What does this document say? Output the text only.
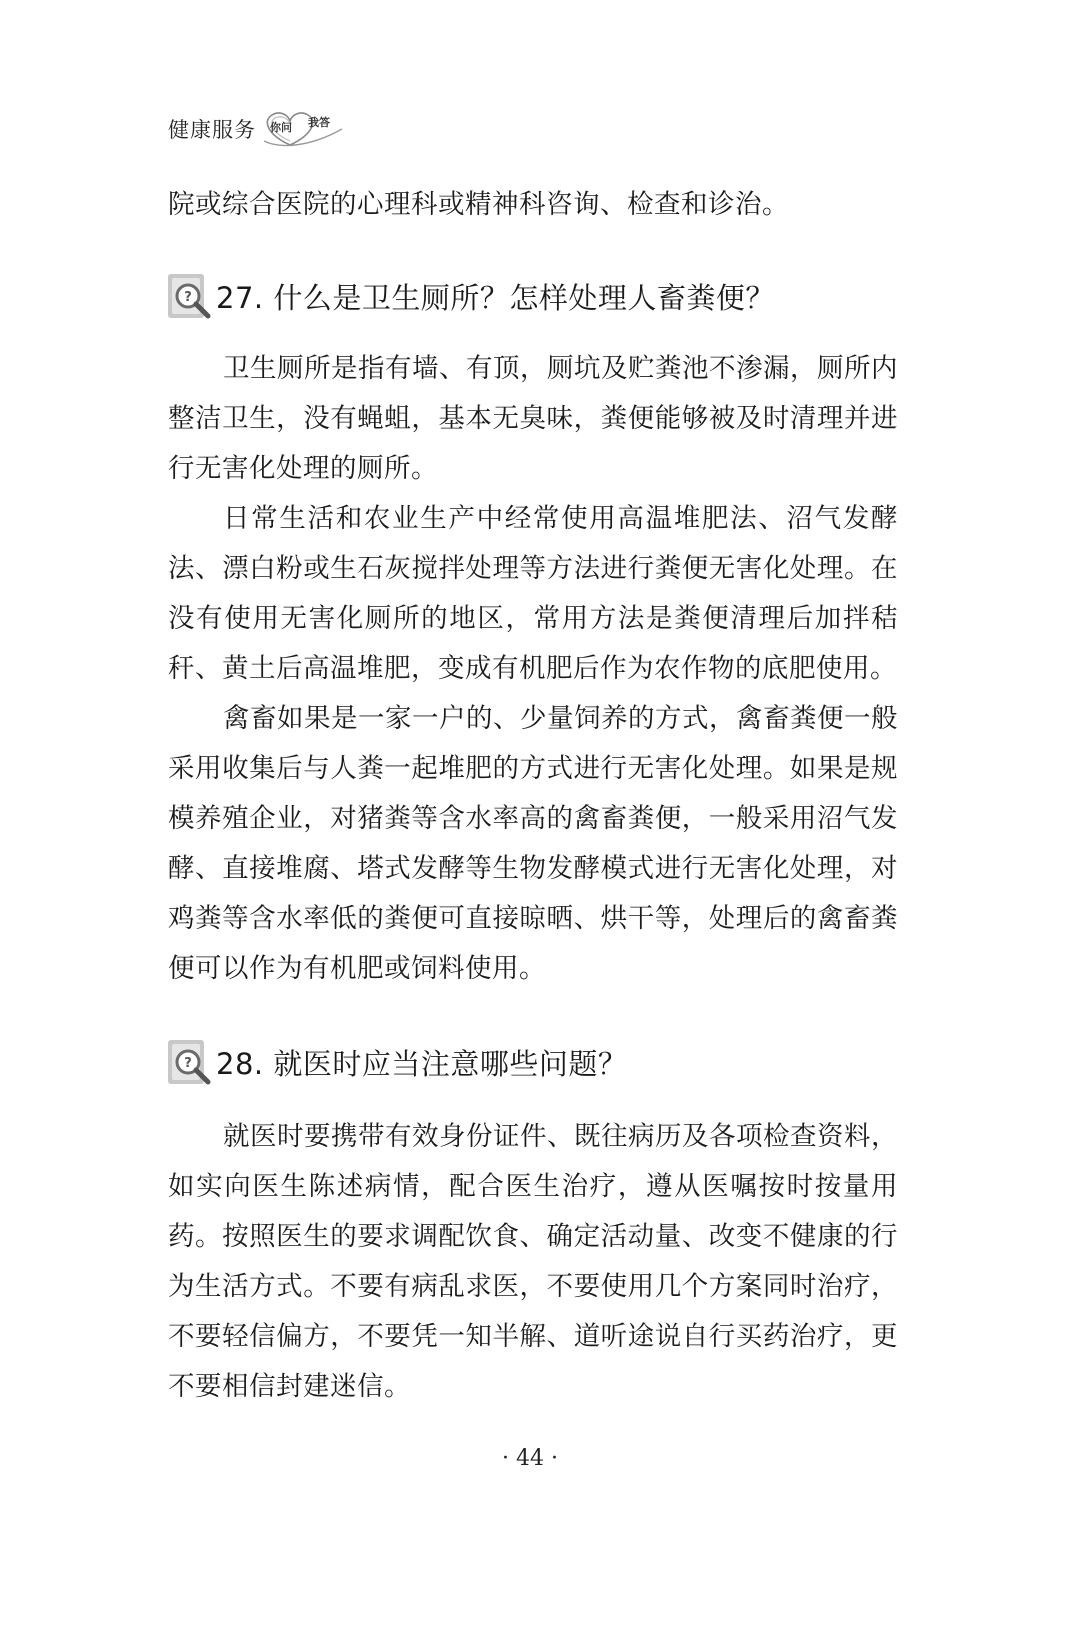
健康服务 你问 我答

院或综合医院的心理科或精神科咨询、检查和诊治。

? 27. 什么是卫生厕所？怎样处理人畜粪便？

卫生厕所是指有墙、有顶，厕坑及贮粪池不渗漏，厕所内整洁卫生，没有蝇蛆，基本无臭味，粪便能够被及时清理并进行无害化处理的厕所。

日常生活和农业生产中经常使用高温堆肥法、沼气发酵法、漂白粉或生石灰搅拌处理等方法进行粪便无害化处理。在没有使用无害化厕所的地区，常用方法是粪便清理后加拌秸秆、黄土后高温堆肥，变成有机肥后作为农作物的底肥使用。

禽畜如果是一家一户的、少量饲养的方式，禽畜粪便一般采用收集后与人粪一起堆肥的方式进行无害化处理。如果是规模养殖企业，对猪粪等含水率高的禽畜粪便，一般采用沼气发酵、直接堆腐、塔式发酵等生物发酵模式进行无害化处理，对鸡粪等含水率低的粪便可直接晾晒、烘干等，处理后的禽畜粪便可以作为有机肥或饲料使用。

? 28. 就医时应当注意哪些问题？

就医时要携带有效身份证件、既往病历及各项检查资料，如实向医生陈述病情，配合医生治疗，遵从医嘱按时按量用药。按照医生的要求调配饮食、确定活动量、改变不健康的行为生活方式。不要有病乱求医，不要使用几个方案同时治疗，不要轻信偏方，不要凭一知半解、道听途说自行买药治疗，更不要相信封建迷信。

· 44 ·
